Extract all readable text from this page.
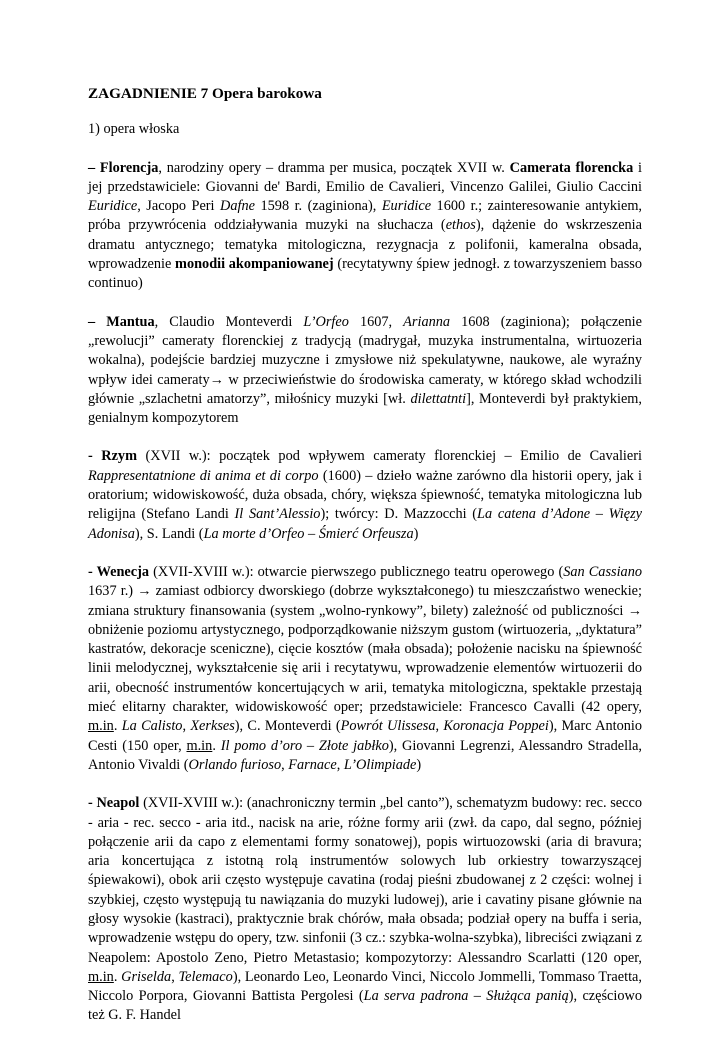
ZAGADNIENIE 7 Opera barokowa
1) opera włoska

– Florencja, narodziny opery – dramma per musica, początek XVII w. Camerata florencka i jej przedstawiciele: Giovanni de' Bardi, Emilio de Cavalieri, Vincenzo Galilei, Giulio Caccini Euridice, Jacopo Peri Dafne 1598 r. (zaginiona), Euridice 1600 r.; zainteresowanie antykiem, próba przywrócenia oddziaływania muzyki na słuchacza (ethos), dążenie do wskrzeszenia dramatu antycznego; tematyka mitologiczna, rezygnacja z polifonii, kameralna obsada, wprowadzenie monodii akompaniowanej (recytatywny śpiew jednogł. z towarzyszeniem basso continuo)

– Mantua, Claudio Monteverdi L’Orfeo 1607, Arianna 1608 (zaginiona); połączenie „rewolucji” cameraty florenckiej z tradycją (madrygał, muzyka instrumentalna, wirtuozeria wokalna), podejście bardziej muzyczne i zmysłowe niż spekulatywne, naukowe, ale wyraźny wpływ idei cameraty→ w przeciwieństwie do środowiska cameraty, w którego skład wchodzili głównie „szlachetni amatorzy”, miłośnicy muzyki [wł. dilettatnti], Monteverdi był praktykiem, genialnym kompozytorem

- Rzym (XVII w.): początek pod wpływem cameraty florenckiej – Emilio de Cavalieri Rappresentatnione di anima et di corpo (1600) – dzieło ważne zarówno dla historii opery, jak i oratorium; widowiskowość, duża obsada, chóry, większa śpiewność, tematyka mitologiczna lub religijna (Stefano Landi Il Sant’Alessio); twórcy: D. Mazzocchi (La catena d’Adone – Więzy Adonisa), S. Landi (La morte d’Orfeo – Śmierć Orfeusza)

- Wenecja (XVII-XVIII w.): otwarcie pierwszego publicznego teatru operowego (San Cassiano 1637 r.) → zamiast odbiorcy dworskiego (dobrze wykształconego) tu mieszczaństwo weneckie; zmiana struktury finansowania (system „wolno-rynkowy”, bilety) zależność od publiczności → obniżenie poziomu artystycznego, podporządkowanie niższym gustom (wirtuozeria, „dyktatura” kastratów, dekoracje sceniczne), cięcie kosztów (mała obsada); położenie nacisku na śpiewność linii melodycznej, wykształcenie się arii i recytatywu, wprowadzenie elementów wirtuozerii do arii, obecność instrumentów koncertujących w arii, tematyka mitologiczna, spektakle przestają mieć elitarny charakter, widowiskowość oper; przedstawiciele: Francesco Cavalli (42 opery, m.in. La Calisto, Xerkses), C. Monteverdi (Powrót Ulissesa, Koronacja Poppei), Marc Antonio Cesti (150 oper, m.in. Il pomo d’oro – Złote jabłko), Giovanni Legrenzi, Alessandro Stradella, Antonio Vivaldi (Orlando furioso, Farnace, L’Olimpiade)

- Neapol (XVII-XVIII w.): (anachroniczny termin „bel canto”), schematyzm budowy: rec. secco - aria - rec. secco - aria itd., nacisk na arie, różne formy arii (zwł. da capo, dal segno, później połączenie arii da capo z elementami formy sonatowej), popis wirtuozowski (aria di bravura; aria koncertująca z istotną rolą instrumentów solowych lub orkiestry towarzyszącej śpiewakowi), obok arii często występuje cavatina (rodaj pieśni zbudowanej z 2 części: wolnej i szybkiej, często występują tu nawiązania do muzyki ludowej), arie i cavatiny pisane głównie na głosy wysokie (kastraci), praktycznie brak chórów, mała obsada; podział opery na buffa i seria, wprowadzenie wstępu do opery, tzw. sinfonii (3 cz.: szybka-wolna-szybka), libreciści związani z Neapolem: Apostolo Zeno, Pietro Metastasio; kompozytorzy: Alessandro Scarlatti (120 oper, m.in. Griselda, Telemaco), Leonardo Leo, Leonardo Vinci, Niccolo Jommelli, Tommaso Traetta, Niccolo Porpora, Giovanni Battista Pergolesi (La serva padrona – Służąca panią), częściowo też G. F. Handel
